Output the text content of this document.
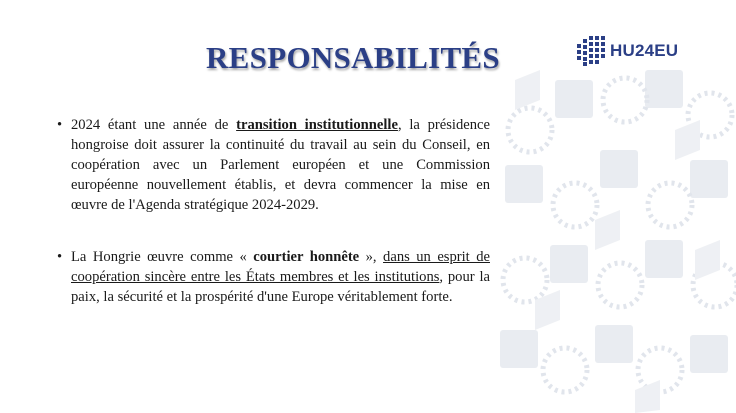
RESPONSABILITÉS	HU24EU
• 2024 étant une année de transition institutionnelle, la présidence hongroise doit assurer la continuité du travail au sein du Conseil, en coopération avec un Parlement européen et une Commission européenne nouvellement établis, et devra commencer la mise en œuvre de l'Agenda stratégique 2024-2029.
• La Hongrie œuvre comme « courtier honnête », dans un esprit de coopération sincère entre les États membres et les institutions, pour la paix, la sécurité et la prospérité d'une Europe véritablement forte.
